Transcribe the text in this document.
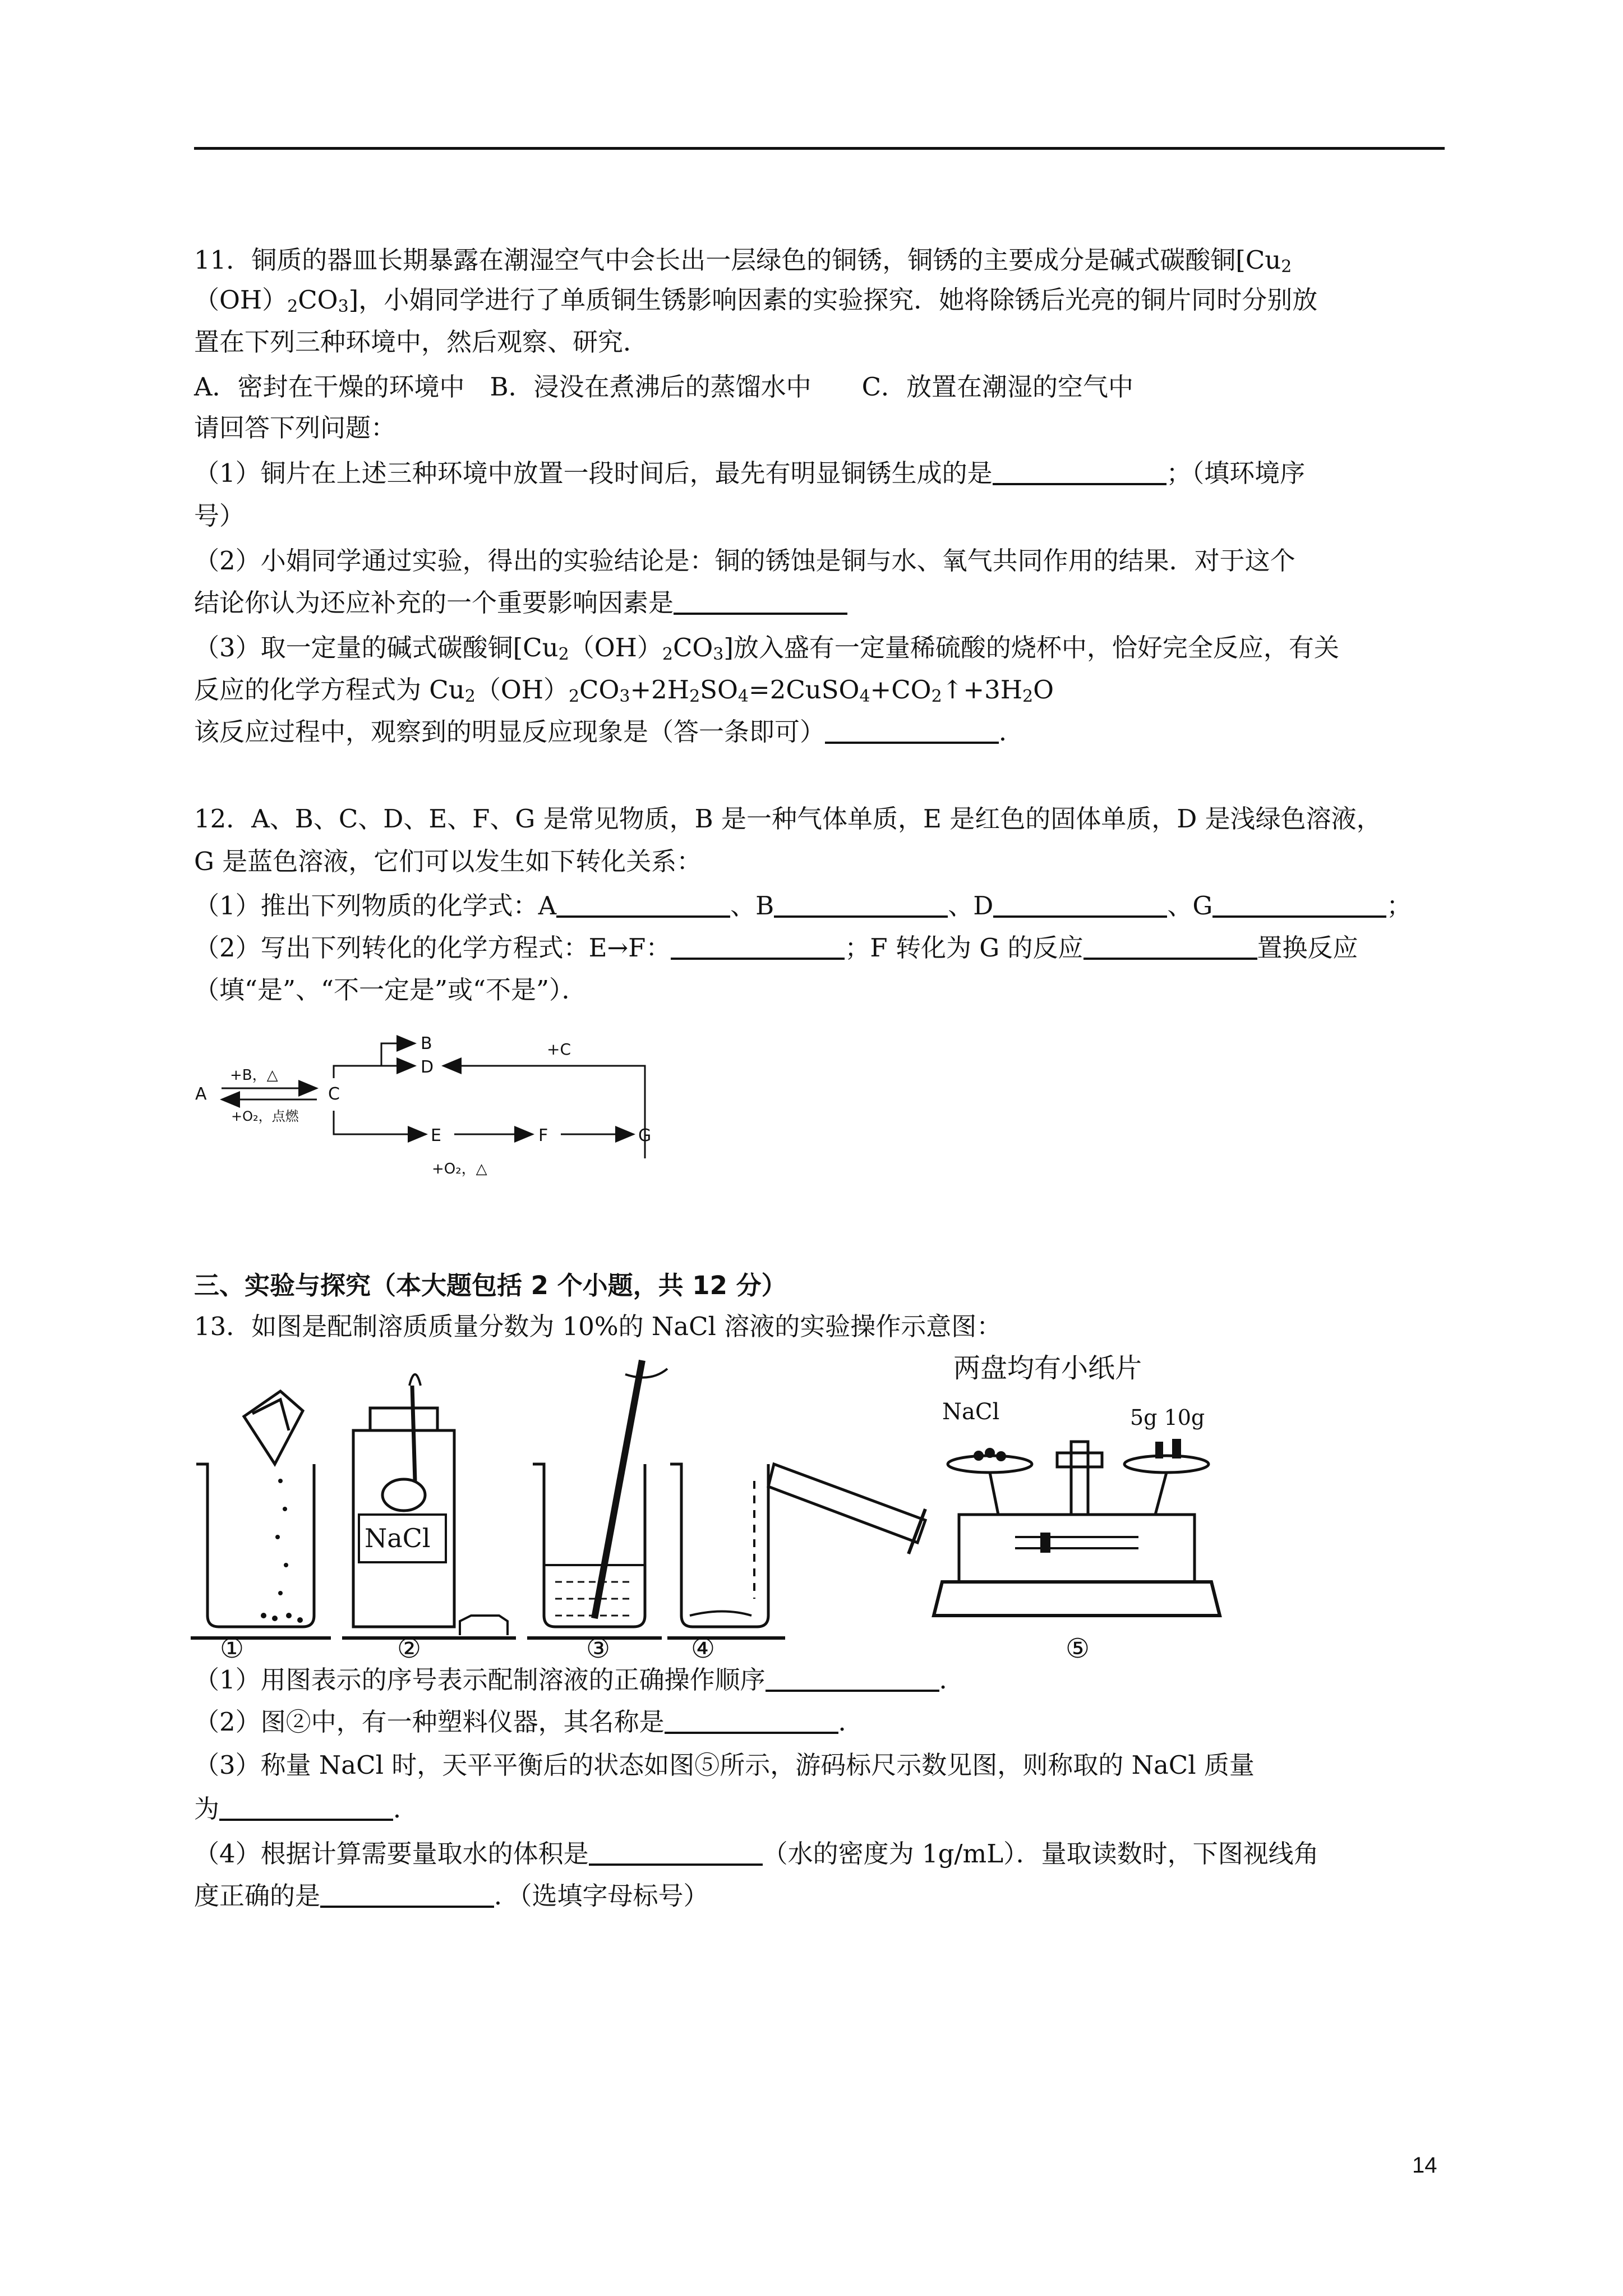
11．铜质的器皿长期暴露在潮湿空气中会长出一层绿色的铜锈，铜锈的主要成分是碱式碳酸铜[$Cu_2$
$(OH)_2CO_3$]，小娟同学进行了单质铜生锈影响因素的实验探究．她将除锈后光亮的铜片同时分别放
置在下列三种环境中，然后观察、研究．
A．密封在干燥的环境中　B．浸没在煮沸后的蒸馏水中　　C．放置在潮湿的空气中
请回答下列问题：
（1）铜片在上述三种环境中放置一段时间后，最先有明显铜锈生成的是	；（填环境序
号）
（2）小娟同学通过实验，得出的实验结论是：铜的锈蚀是铜与水、氧气共同作用的结果．对于这个
结论你认为还应补充的一个重要影响因素是
（3）取一定量的碱式碳酸铜$[Cu_2(OH)_2CO_3]$放入盛有一定量稀硫酸的烧杯中，恰好完全反应，有关
反应的化学方程式为 $Cu_2(OH)_2CO_3+2H_2SO_4=2CuSO_4+CO_2↑+3H_2O$
该反应过程中，观察到的明显反应现象是（答一条即可）	．
12．A、B、C、D、E、F、G 是常见物质，B 是一种气体单质，E 是红色的固体单质，D 是浅绿色溶液，
G 是蓝色溶液，它们可以发生如下转化关系：
（1）推出下列物质的化学式：A	、B	、D	、G	；
（2）写出下列转化的化学方程式：E→F：	；F 转化为 G 的反应	置换反应
（填“是”、“不一定是”或“不是”）．
A
+B，△
+O₂，点燃
C
B
D
+C
E	F	G
+O₂，△
三、实验与探究（本大题包括 2 个小题，共 12 分）
13．如图是配制溶质质量分数为 10%的 NaCl 溶液的实验操作示意图：
NaCl
两盘均有小纸片
NaCl	5g 10g
①	②	③	④	⑤
（1）用图表示的序号表示配制溶液的正确操作顺序	．
（2）图②中，有一种塑料仪器，其名称是	．
（3）称量 NaCl 时，天平平衡后的状态如图⑤所示，游码标尺示数见图，则称取的 NaCl 质量
为	．
（4）根据计算需要量取水的体积是	（水的密度为 1g/mL）．量取读数时，下图视线角
度正确的是	．（选填字母标号）
14
